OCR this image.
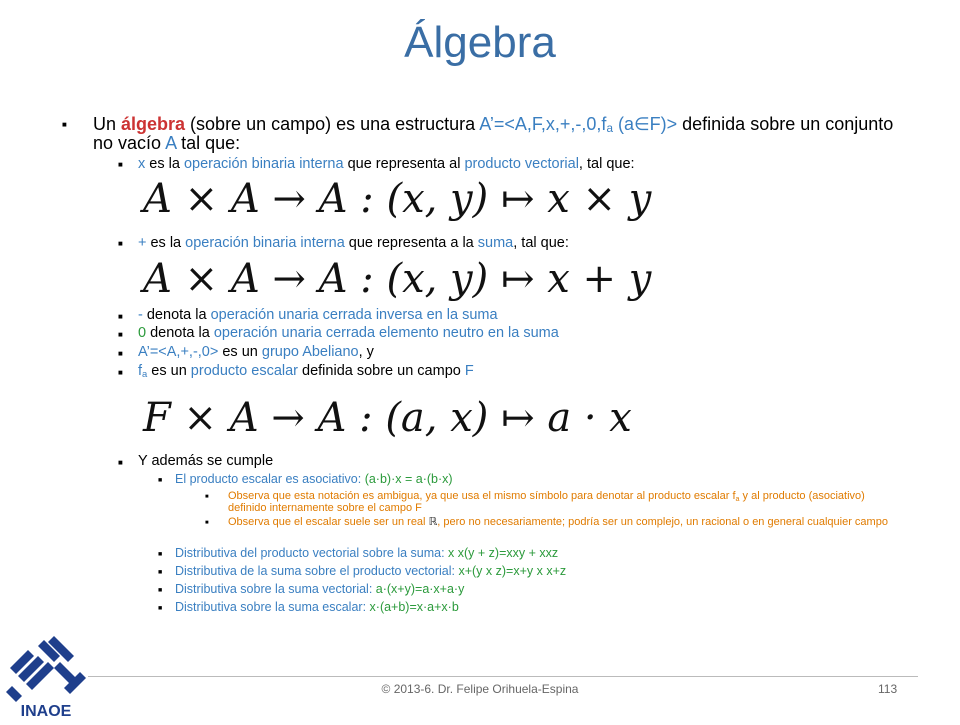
Álgebra
■ Un álgebra (sobre un campo) es una estructura $A’=<A,F,x,+,-,0,f_a$ (a∈F)> definida sobre un conjunto no vacío A tal que:
■ x es la operación binaria interna que representa al producto vectorial, tal que:
A × A → A : (x, y) ↦ x × y
■ + es la operación binaria interna que representa a la suma, tal que:
A × A → A : (x, y) ↦ x + y
■ - denota la operación unaria cerrada inversa en la suma
■ 0 denota la operación unaria cerrada elemento neutro en la suma
■ A’=<A,+,-,0> es un grupo Abeliano, y
■ $f_a$ es un producto escalar definida sobre un campo F
F × A → A : (a, x) ↦ a · x
■ Y además se cumple
■ El producto escalar es asociativo: (a·b)·x = a·(b·x)
■ Observa que esta notación es ambigua, ya que usa el mismo símbolo para denotar al producto escalar $f_a$ y al producto (asociativo) definido internamente sobre el campo F
■ Observa que el escalar suele ser un real ℝ, pero no necesariamente; podría ser un complejo, un racional o en general cualquier campo
■ Distributiva del producto vectorial sobre la suma: x x(y + z)=xxy + xxz
■ Distributiva de la suma sobre el producto vectorial: x+(y x z)=x+y x x+z
■ Distributiva sobre la suma vectorial: a·(x+y)=a·x+a·y
■ Distributiva sobre la suma escalar: x·(a+b)=x·a+x·b
INAOE
© 2013-6. Dr. Felipe Orihuela-Espina	113
